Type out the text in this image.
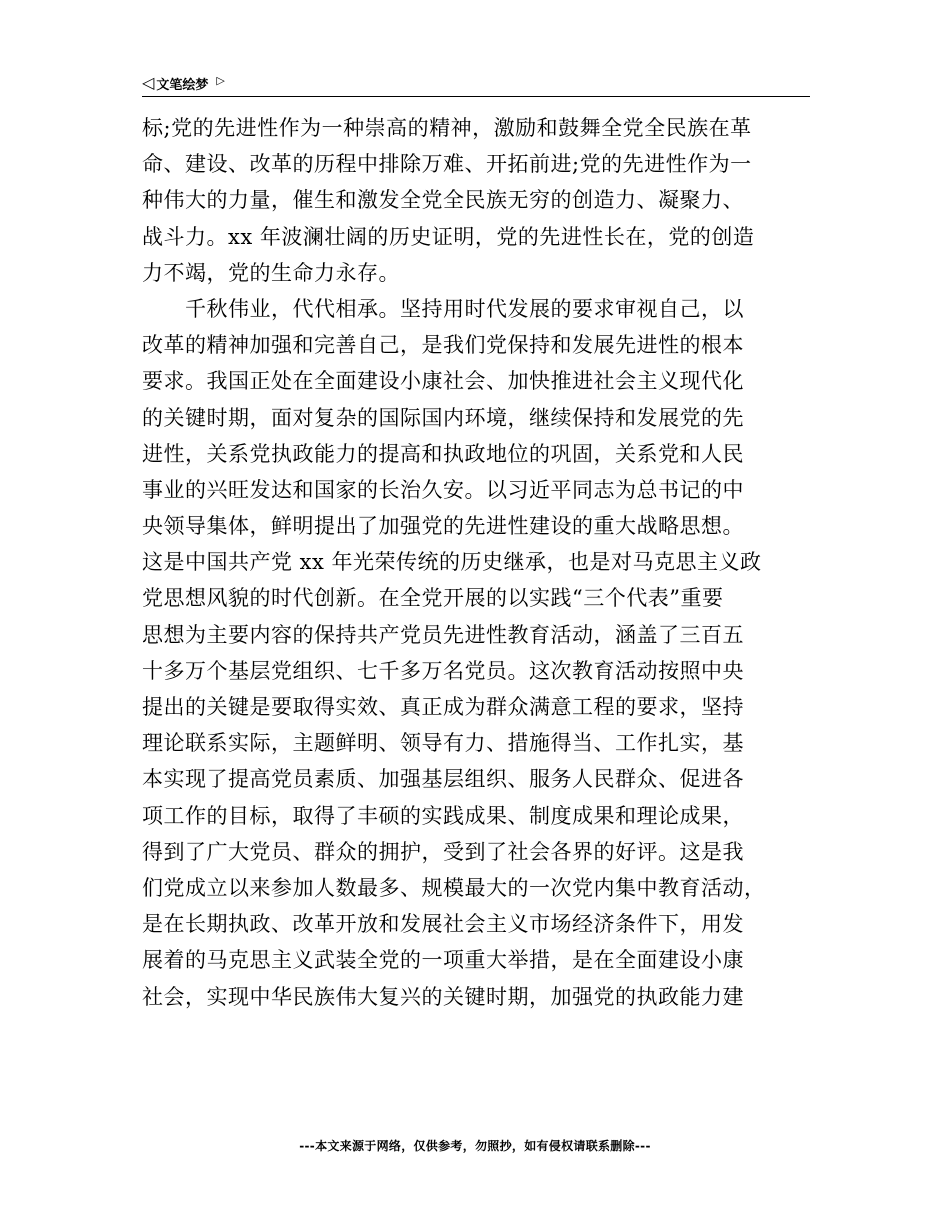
◁ 文笔绘梦 ▷
标;党的先进性作为一种崇高的精神，激励和鼓舞全党全民族在革
命、建设、改革的历程中排除万难、开拓前进;党的先进性作为一
种伟大的力量，催生和激发全党全民族无穷的创造力、凝聚力、
战斗力。xx 年波澜壮阔的历史证明，党的先进性长在，党的创造
力不竭，党的生命力永存。
　　千秋伟业，代代相承。坚持用时代发展的要求审视自己，以
改革的精神加强和完善自己，是我们党保持和发展先进性的根本
要求。我国正处在全面建设小康社会、加快推进社会主义现代化
的关键时期，面对复杂的国际国内环境，继续保持和发展党的先
进性，关系党执政能力的提高和执政地位的巩固，关系党和人民
事业的兴旺发达和国家的长治久安。以习近平同志为总书记的中
央领导集体，鲜明提出了加强党的先进性建设的重大战略思想。
这是中国共产党 xx 年光荣传统的历史继承，也是对马克思主义政
党思想风貌的时代创新。在全党开展的以实践“三个代表”重要
思想为主要内容的保持共产党员先进性教育活动，涵盖了三百五
十多万个基层党组织、七千多万名党员。这次教育活动按照中央
提出的关键是要取得实效、真正成为群众满意工程的要求，坚持
理论联系实际，主题鲜明、领导有力、措施得当、工作扎实，基
本实现了提高党员素质、加强基层组织、服务人民群众、促进各
项工作的目标，取得了丰硕的实践成果、制度成果和理论成果，
得到了广大党员、群众的拥护，受到了社会各界的好评。这是我
们党成立以来参加人数最多、规模最大的一次党内集中教育活动，
是在长期执政、改革开放和发展社会主义市场经济条件下，用发
展着的马克思主义武装全党的一项重大举措，是在全面建设小康
社会，实现中华民族伟大复兴的关键时期，加强党的执政能力建
---本文来源于网络，仅供参考，勿照抄，如有侵权请联系删除---
